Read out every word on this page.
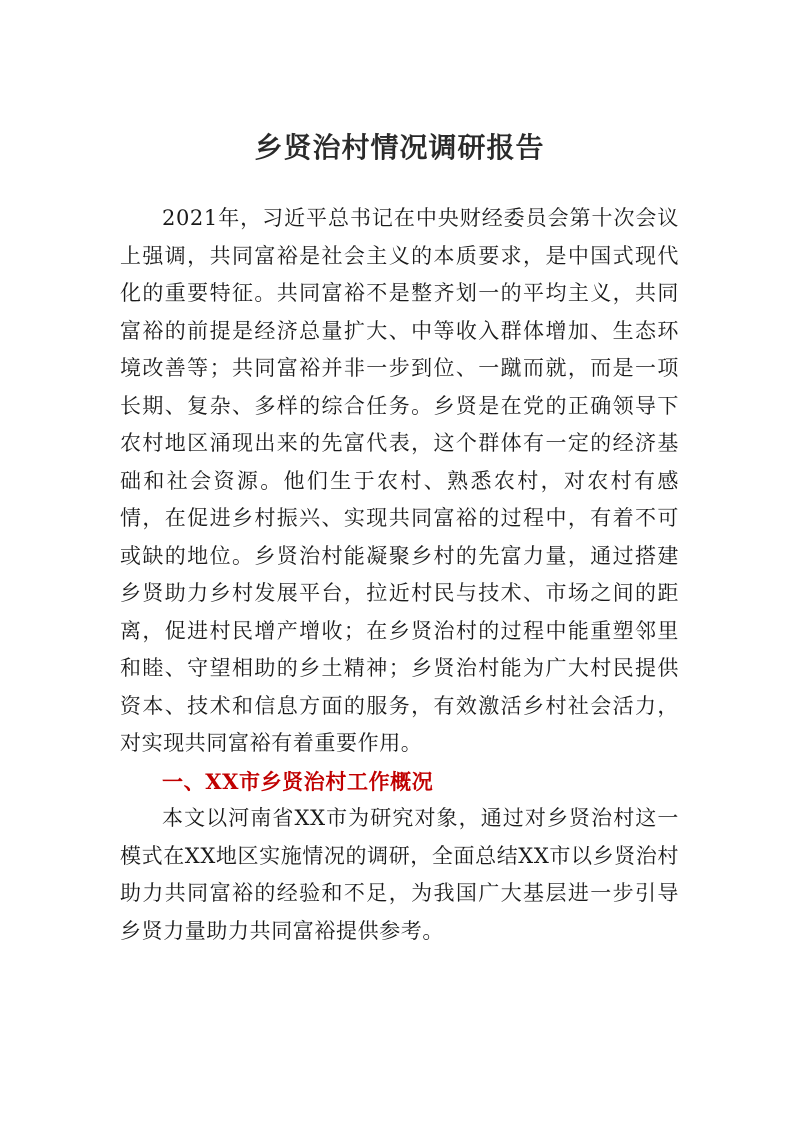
乡贤治村情况调研报告

2021年，习近平总书记在中央财经委员会第十次会议上强调，共同富裕是社会主义的本质要求，是中国式现代化的重要特征。共同富裕不是整齐划一的平均主义，共同富裕的前提是经济总量扩大、中等收入群体增加、生态环境改善等；共同富裕并非一步到位、一蹴而就，而是一项长期、复杂、多样的综合任务。乡贤是在党的正确领导下农村地区涌现出来的先富代表，这个群体有一定的经济基础和社会资源。他们生于农村、熟悉农村，对农村有感情，在促进乡村振兴、实现共同富裕的过程中，有着不可或缺的地位。乡贤治村能凝聚乡村的先富力量，通过搭建乡贤助力乡村发展平台，拉近村民与技术、市场之间的距离，促进村民增产增收；在乡贤治村的过程中能重塑邻里和睦、守望相助的乡土精神；乡贤治村能为广大村民提供资本、技术和信息方面的服务，有效激活乡村社会活力，对实现共同富裕有着重要作用。

一、XX市乡贤治村工作概况

本文以河南省XX市为研究对象，通过对乡贤治村这一模式在XX地区实施情况的调研，全面总结XX市以乡贤治村助力共同富裕的经验和不足，为我国广大基层进一步引导乡贤力量助力共同富裕提供参考。
